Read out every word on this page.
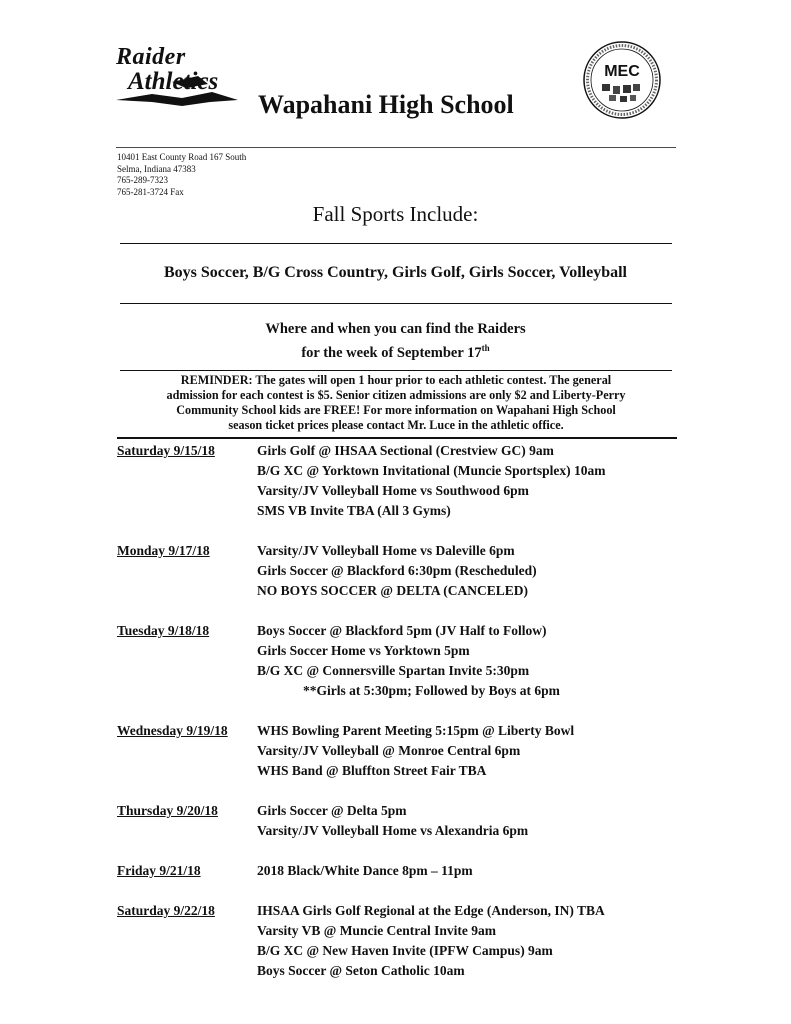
Raider
Athletics
Wapahani High School
MEC
10401 East County Road 167 South
Selma, Indiana 47383
765-289-7323
765-281-3724 Fax
Fall Sports Include:
Boys Soccer, B/G Cross Country, Girls Golf, Girls Soccer, Volleyball
Where and when you can find the Raiders
for the week of September 17th
REMINDER: The gates will open 1 hour prior to each athletic contest. The general
admission for each contest is $5. Senior citizen admissions are only $2 and Liberty-Perry
Community School kids are FREE! For more information on Wapahani High School
season ticket prices please contact Mr. Luce in the athletic office.
Saturday 9/15/18	Girls Golf @ IHSAA Sectional (Crestview GC) 9am
B/G XC @ Yorktown Invitational (Muncie Sportsplex) 10am
Varsity/JV Volleyball Home vs Southwood 6pm
SMS VB Invite TBA (All 3 Gyms)
Monday 9/17/18	Varsity/JV Volleyball Home vs Daleville 6pm
Girls Soccer @ Blackford 6:30pm (Rescheduled)
NO BOYS SOCCER @ DELTA (CANCELED)
Tuesday 9/18/18	Boys Soccer @ Blackford 5pm (JV Half to Follow)
Girls Soccer Home vs Yorktown 5pm
B/G XC @ Connersville Spartan Invite 5:30pm
**Girls at 5:30pm; Followed by Boys at 6pm
Wednesday 9/19/18 WHS Bowling Parent Meeting 5:15pm @ Liberty Bowl
Varsity/JV Volleyball @ Monroe Central 6pm
WHS Band @ Bluffton Street Fair TBA
Thursday 9/20/18	Girls Soccer @ Delta 5pm
Varsity/JV Volleyball Home vs Alexandria 6pm
Friday 9/21/18	2018 Black/White Dance 8pm – 11pm
Saturday 9/22/18	IHSAA Girls Golf Regional at the Edge (Anderson, IN) TBA
Varsity VB @ Muncie Central Invite 9am
B/G XC @ New Haven Invite (IPFW Campus) 9am
Boys Soccer @ Seton Catholic 10am
